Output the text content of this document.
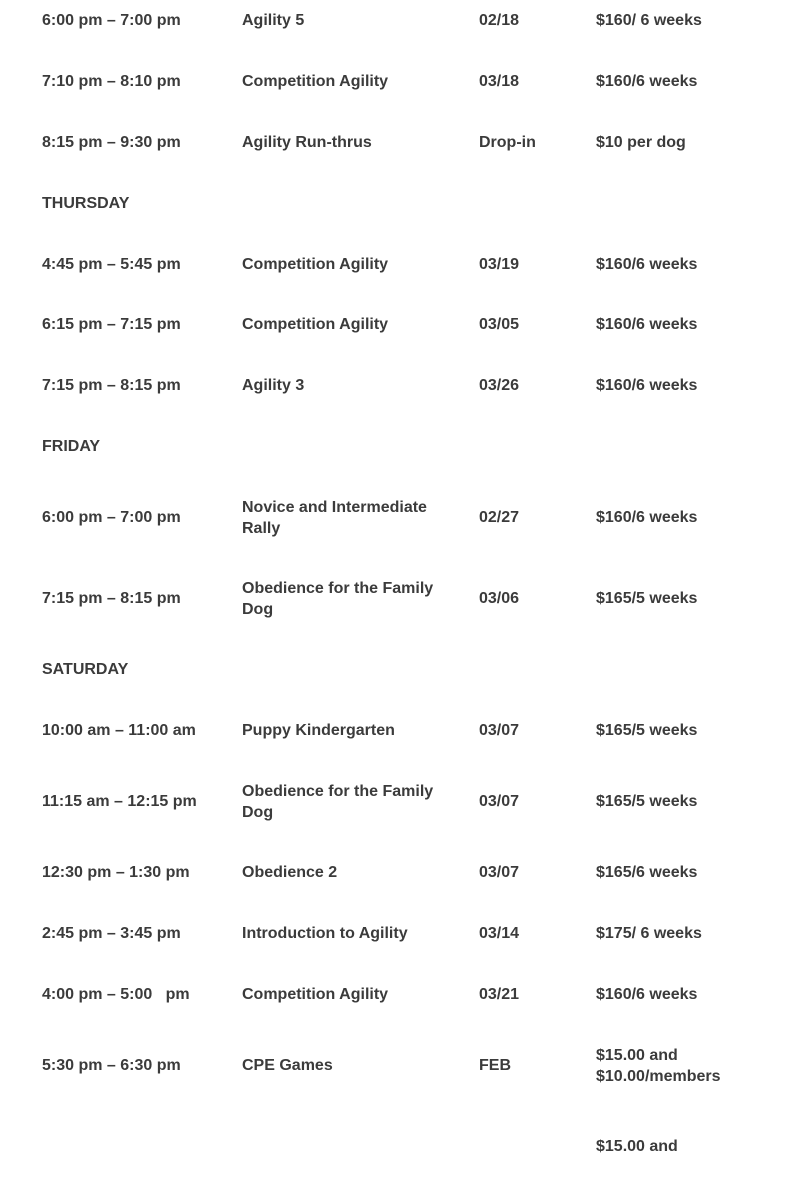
6:00 pm – 7:00 pm	Agility 5	02/18	$160/ 6 weeks
7:10 pm – 8:10 pm	Competition Agility	03/18	$160/6 weeks
8:15 pm – 9:30 pm	Agility Run-thrus	Drop-in	$10 per dog
THURSDAY			
4:45 pm – 5:45 pm	Competition Agility	03/19	$160/6 weeks
6:15 pm – 7:15 pm	Competition Agility	03/05	$160/6 weeks
7:15 pm – 8:15 pm	Agility 3	03/26	$160/6 weeks
FRIDAY			
6:00 pm – 7:00 pm	Novice and Intermediate Rally	02/27	$160/6 weeks
7:15 pm – 8:15 pm	Obedience for the Family Dog	03/06	$165/5 weeks
SATURDAY			
10:00 am – 11:00 am	Puppy Kindergarten	03/07	$165/5 weeks
11:15 am – 12:15 pm	Obedience for the Family Dog	03/07	$165/5 weeks
12:30 pm – 1:30 pm	Obedience 2	03/07	$165/6 weeks
2:45 pm – 3:45 pm	Introduction to Agility	03/14	$175/ 6 weeks
4:00 pm – 5:00   pm	Competition Agility	03/21	$160/6 weeks
5:30 pm – 6:30 pm	CPE Games	FEB	$15.00 and $10.00/members
			$15.00 and
